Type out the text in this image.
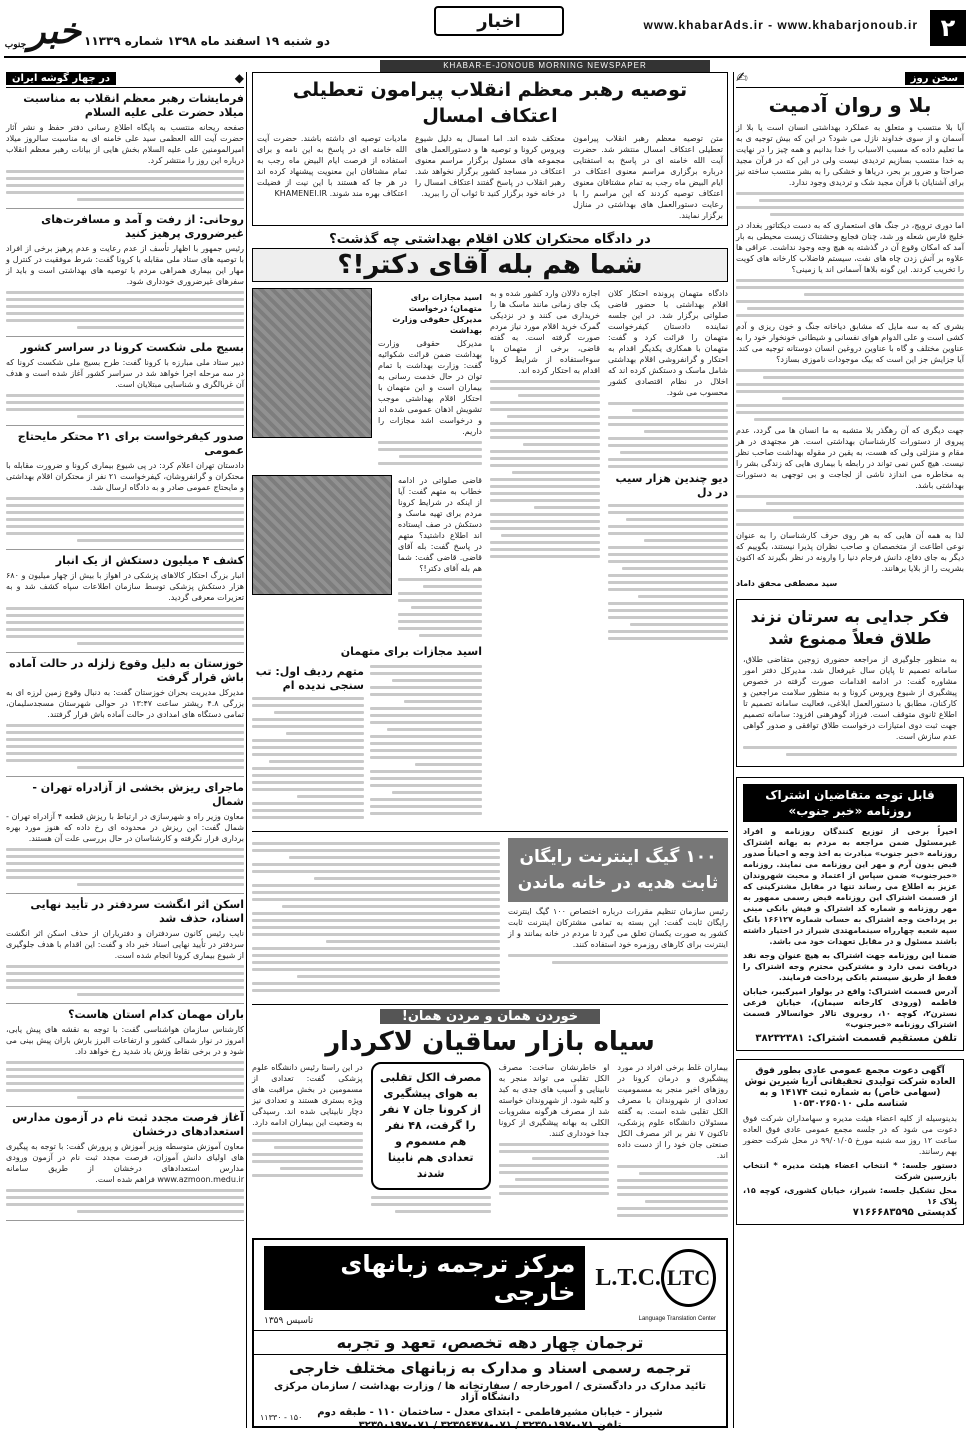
۲
www.khabarAds.ir - www.khabarjonoub.ir
اخبار
دو شنبه ۱۹ اسفند ماه ۱۳۹۸ شماره ۱۱۳۳۹
خبر
جنوب
KHABAR-E-JONOUB MORNING NEWSPAPER
سخن روز
✍
بلا و روان آدمیت

آیا بلا منتسب و متعلق به عملکرد بهداشتی انسان است یا بلا از آسمان و از سوی خداوند نازل می شود؟ در این که بیش توجیه ی به ما تعلیم داده که مسبب الاسباب را خدا بدانیم و همه چیز را در نهایت به خدا منتسب بسازیم تردیدی نیست ولی در این که در قرآن مجید صراحتا و ضرور بر بحر، دریاها و خشکی را به بشر منتسب ساخته نیز برای آشنایان با قرآن مجید شک و تردیدی وجود ندارد.

اما دوری ترویج، در جنگ های استعماری که به دست دیکتاتور بغداد در خلیج فارس شعله ور شد، چنان فجایع وحشتناک زیست محیطی به بار آمد که امکان وقوع آن در گذشته به هیچ وجه وجود نداشت. عراقی ها علاوه بر آتش زدن چاه های نفت، سیستم فاضلاب کارخانه های کویت را تخریب کردند. این گونه بلاها آسمانی اند یا زمینی؟

بشری که به سه مایل که مشابق دیاخانه جنگ و خون ریزی و آدم کشی است و علی الدوام هوای نفسانی و شیطانی خونخوار خود را به عناوین مختلف و گاه با عناوین دروغین انسان دوستانه توجیه می کند. آیا جزایش جز این است که بیک موجودات ناموزی بسازد؟

جهت دیگری که آن رهگذر بلا متشبه به ما انسان ها می گردد، عدم پیروی از دستورات کارشناسان بهداشتی است. هر مجتهدی در هر مقام و منزلتی ولی که هست، به یقین در مقوله بهداشت صاحب نظر نیست. هیچ کس نمی تواند در رابطه با بیماری هایی که زندگی بشر را به مخاطره می اندازد ناشی از لجاجت و بی توجهی به دستورات بهداشتی باشد.

لذا به همه آن هایی که به هر روی حرف کارشناسان را به عنوان نوعی اطاعت از متخصصان و صاحب نظران پذیرا نیستند، بگوییم که دیگر به جای دفاع، دانش فرجام دنیا را وارونه در نظر بگیرند که اکنون بشریت را از بلایا برهانند.

سید مصطفی محقق داماد
فکر جدایی به سرتان نزند طلاق فعلاً ممنوع شد

به منظور جلوگیری از مراجعه حضوری زوجین متقاضی طلاق، سامانه تصمیم تا پایان سال غیرفعال شد. مدیرکل دفتر امور مشاوره گفت: در ادامه اقدامات صورت گرفته در خصوص پیشگیری از شیوع ویروس کرونا و به منظور سلامت مراجعین و کارکنان، مطابق با دستورالعمل ابلاغی، فعالیت سامانه تصمیم تا اطلاع ثانوی متوقف است. فرزاد گوهرهنی افزود: سامانه تصمیم جهت ثبت دوی امتیازات درخواست طلاق توافقی و صدور گواهی عدم سازش است.

قابل توجه متقاضیان اشتراک روزنامه «خبر جنوب»

اخیراً برخی از توزیع کنندگان روزنامه و افراد غیرمسئول ضمن مراجعه به مردم به بهانه اشتراک روزنامه «خبر جنوب» مبادرت به اخذ وجه و احیاناً صدور قبض بدون آرم و مهر این روزنامه می نمایند. روزنامه «خبرجنوب» ضمن سپاس از اعتماد و محبت شهروندان عزیز به اطلاع می رساند تنها در مقابل مشترکینی که از قسمت اشتراک این روزنامه قبض رسمی ممهور به مهر روزنامه و شماره کد اشتراک و فیش بانکی مبنی بر پرداخت وجه اشتراک به حساب شماره ۱۶۶۱۲۷ بانک سپه شعبه چهارراه سینمامهتدی شیراز در اختیار داشته باشند مسئول و در مقابل تعهدات خود می باشد.

ضمنا این روزنامه جهت اشتراک به هیچ عنوان وجه نقد دریافت نمی دارد و مشترکین محترم وجه اشتراک را فقط از طریق سیستم بانکی پرداخت فرمایند.

آدرس قسمت اشتراک: واقع در بولوار امیرکبیر، خیابان فاطمه (ورودی کارخانه سیمان)، خیابان فرعی نسترن۲، کوچه ۱۰، روبروی تالار خوانسالار قسمت اشتراک روزنامه «خبرجنوب»

تلفن مستقیم قسمت اشتراک: ۳۸۲۳۲۳۸۱

آگهی دعوت مجمع عمومی عادی بطور فوق العاده شرکت تولیدی تحقیقاتی آریا شیرین نوش (سهامی خاص) به شماره ثبت ۱۴۱۷۴ و به شناسه ملی ۱۰۵۳۰۲۶۵۰۱۰

بدینوسیله از کلیه اعضاء هیئت مدیره و سهامداران شرکت فوق دعوت می شود که در جلسه مجمع عمومی عادی فوق العاده ساعت ۱۲ روز سه شنبه مورخ ۹۹/۰۱/۰۵ در محل شرکت حضور بهم رسانند.

دستور جلسه: * انتخاب اعضاء هیئت مدیره * انتخاب بازرسین شرکت

محل تشکیل جلسه: شیراز، خیابان کشوری، کوچه ۱۵، پلاک ۱۶

کدپستی ۷۱۶۶۶۸۳۵۹۵

توصیه رهبر معظم انقلاب پیرامون تعطیلی اعتکاف امسال

متن توصیه معظم رهبر انقلاب پیرامون تعطیلی اعتکاف امسال منتشر شد. حضرت آیت الله خامنه ای در پاسخ به استفتایی درباره برگزاری مراسم معنوی اعتکاف در ایام البیض ماه رجب به تمام مشتاقان معنوی اعتکاف توصیه کردند که این مراسم را با رعایت دستورالعمل های بهداشتی در منازل برگزار نمایند.

معتکف شده اند. اما امسال به دلیل شیوع ویروس کرونا و توصیه ها و دستورالعمل های مجموعه های مسئول برگزار مراسم معنوی اعتکاف در مساجد کشور برگزار نخواهد شد. رهبر انقلاب در پاسخ گفتند اعتکاف امسال را در خانه خود برگزار کنید تا ثواب آن را ببرید.

مادیات توصیه ای داشته باشند. حضرت آیت الله خامنه ای در پاسخ به این نامه و برای استفاده از فرصت ایام البیض ماه رجب به تمام مشتاقان این معنویت پیشنهاد کرده اند در هر جا که هستند با این نیت از فضیلت اعتکاف بهره مند شوند. KHAMENEI.IR

در دادگاه محتکران کلان اقلام بهداشتی چه گذشت؟
شما هم بله آقای دکتر!؟

دادگاه متهمان پرونده احتکار کلان اقلام بهداشتی با حضور قاضی صلواتی برگزار شد. در این جلسه نماینده دادستان کیفرخواست متهمان را قرائت کرد و گفت: متهمان با همکاری یکدیگر اقدام به احتکار و گرانفروشی اقلام بهداشتی شامل ماسک و دستکش کرده اند که اخلال در نظام اقتصادی کشور محسوب می شود.

دیو چندین هزار سیب در دل

اجازه دلالان وارد کشور شده و به یک جای زمانی مانند ماسک ها را خریداری می کنند و در نزدیکی گمرک خرید اقلام مورد نیاز مردم صورت گرفته است. به گفته قاضی، برخی از متهمان با سوءاستفاده از شرایط کرونا اقدام به احتکار کرده اند.

اسید مجازات برای متهمان؛ درخواست مدیرکل حقوقی وزارت بهداشت

مدیرکل حقوقی وزارت بهداشت ضمن قرائت شکوائیه گفت: وزارت بهداشت با تمام توان در حال خدمت رسانی به بیماران است و این متهمان با احتکار اقلام بهداشتی موجب تشویش اذهان عمومی شده اند و درخواست اشد مجازات را داریم.

قاضی صلواتی در ادامه خطاب به متهم گفت: آیا از اینکه در شرایط کرونا مردم برای تهیه ماسک و دستکش در صف ایستاده اند اطلاع داشتید؟ متهم در پاسخ گفت: بله آقای قاضی. قاضی گفت: شما هم بله آقای دکتر!؟

اسید مجازات برای متهمان
متهم ردیف اول: تب سنجی ندیده ام
۱۰۰ گیگ اینترنت رایگان ثابت هدیه در خانه ماندن

رئیس سازمان تنظیم مقررات درباره اختصاص ۱۰۰ گیگ اینترنت رایگان ثابت گفت: این بسته به تمامی مشترکان اینترنت ثابت کشور به صورت یکسان تعلق می گیرد تا مردم در خانه بمانند و از اینترنت برای کارهای روزمره خود استفاده کنند.

خوردن همان و مردن همان!
سیاه بازار ساقیان لاکردار

بیماران غلط برخی افراد در مورد پیشگیری و درمان کرونا در روزهای اخیر منجر به مسمومیت تعدادی از شهروندان با مصرف الکل تقلبی شده است. به گفته مسئولان دانشگاه علوم پزشکی، تاکنون ۷ نفر بر اثر مصرف الکل صنعتی جان خود را از دست داده اند.

او خاطرنشان ساخت: مصرف الکل تقلبی می تواند منجر به نابینایی و آسیب های جدی به کبد و کلیه شود. از شهروندان خواسته شد از مصرف هرگونه مشروبات الکلی به بهانه پیشگیری از کرونا جدا خودداری کنند.

مصرف الکل تقلبی به هوای پیشگیری از کرونا جان ۷ نفر را گرفت، ۴۸ نفر هم مسموم و تعدادی هم نابینا شدند

در این راستا رئیس دانشگاه علوم پزشکی گفت: تعدادی از مسمومین در بخش مراقبت های ویژه بستری هستند و تعدادی نیز دچار نابینایی شده اند. رسیدگی به وضعیت این بیماران ادامه دارد.

LTC
L.T.C.
مرکز ترجمه زبانهای خارجی
Language Translation Center
تاسیس ۱۳۵۹
ترجمان چهار دهه تخصص، تعهد و تجربه
ترجمه رسمی اسناد و مدارک به زبانهای مختلف خارجی
تائید مدارک در دادگستری / امورخارجه / سفارتخانه ها / وزارت بهداشت / سازمان مرکزی دانشگاه آزاد
شیراز - خیابان مشیرفاطمی - ابتدای معدل - ساختمان ۱۱۰ - طبقه دوم
تلفن ۰۷۱-۳۲۳۵۰۱۹۷ / ۰۷۱-۳۲۳۵۶۴۷۸ / ۰۷۱-۳۲۳۵۰۱۹۷
۱۵۰ - ۱۱۳۳۰
◆
در چهار گوشه ایران
فرمایشات رهبر معظم انقلاب به مناسبت میلاد حضرت علی علیه السلام

صفحه ریحانه منتسب به پایگاه اطلاع رسانی دفتر حفظ و نشر آثار حضرت آیت الله العظمی سید علی خامنه ای به مناسبت سالروز میلاد امیرالمومنین علی علیه السلام بخش هایی از بیانات رهبر معظم انقلاب درباره این روز را منتشر کرد.

روحانی: از رفت و آمد و مسافرت‌های غیرضروری پرهیز کنید

رئیس جمهور با اظهار تأسف از عدم رعایت و عدم پرهیز برخی از افراد با توصیه های ستاد ملی مقابله با کرونا گفت: شرط موفقیت در کنترل و مهار این بیماری همراهی مردم با توصیه های بهداشتی است و باید از سفرهای غیرضروری خودداری شود.

بسیج ملی شکست کرونا در سراسر کشور

دبیر ستاد ملی مبارزه با کرونا گفت: طرح بسیج ملی شکست کرونا که در سه مرحله اجرا خواهد شد در سراسر کشور آغاز شده است و هدف آن غربالگری و شناسایی مبتلایان است.

صدور کیفرخواست برای ۲۱ محتکر مایحتاج عمومی

دادستان تهران اعلام کرد: در پی شیوع بیماری کرونا و ضرورت مقابله با محتکران و گرانفروشان، کیفرخواست ۲۱ نفر از محتکران اقلام بهداشتی و مایحتاج عمومی صادر و به دادگاه ارسال شد.

کشف ۴ میلیون دستکش از یک انبار

انبار بزرگ احتکار کالاهای پزشکی در اهواز با بیش از چهار میلیون و ۶۸۰ هزار دستکش پزشکی توسط سازمان اطلاعات سپاه کشف شد و به تعزیرات معرفی گردید.

خوزستان به دلیل وقوع زلزله در حالت آماده باش قرار گرفت

مدیرکل مدیریت بحران خوزستان گفت: به دنبال وقوع زمین لرزه ای به بزرگی ۴.۸ ریشتر ساعت ۱۳:۴۷ در حوالی شهرستان مسجدسلیمان، تمامی دستگاه های امدادی در حالت آماده باش قرار گرفتند.

ماجرای ریزش بخشی از آزادراه تهران - شمال

معاون وزیر راه و شهرسازی در ارتباط با ریزش قطعه ۴ آزادراه تهران - شمال گفت: این ریزش در محدوده ای رخ داده که هنوز مورد بهره برداری قرار نگرفته و کارشناسان در حال بررسی علت آن هستند.

اسکن اثر انگشت سردفتر در تأیید نهایی اسناد، حذف شد

نایب رئیس کانون سردفتران و دفتریاران از حذف اسکن اثر انگشت سردفتر در تأیید نهایی اسناد خبر داد و گفت: این اقدام با هدف جلوگیری از شیوع بیماری کرونا انجام شده است.

باران مهمان کدام استان هاست؟

کارشناس سازمان هواشناسی گفت: با توجه به نقشه های پیش یابی، امروز در نوار شمالی کشور و ارتفاعات البرز بارش باران پیش بینی می شود و در برخی نقاط وزش باد شدید رخ خواهد داد.

آغاز فرصت مجدد ثبت نام در آزمون مدارس استعدادهای درخشان

معاون آموزش متوسطه وزیر آموزش و پرورش گفت: با توجه به پیگیری های اولیای دانش آموزان، فرصت مجدد ثبت نام در آزمون ورودی مدارس استعدادهای درخشان از طریق سامانه www.azmoon.medu.ir فراهم شده است.
